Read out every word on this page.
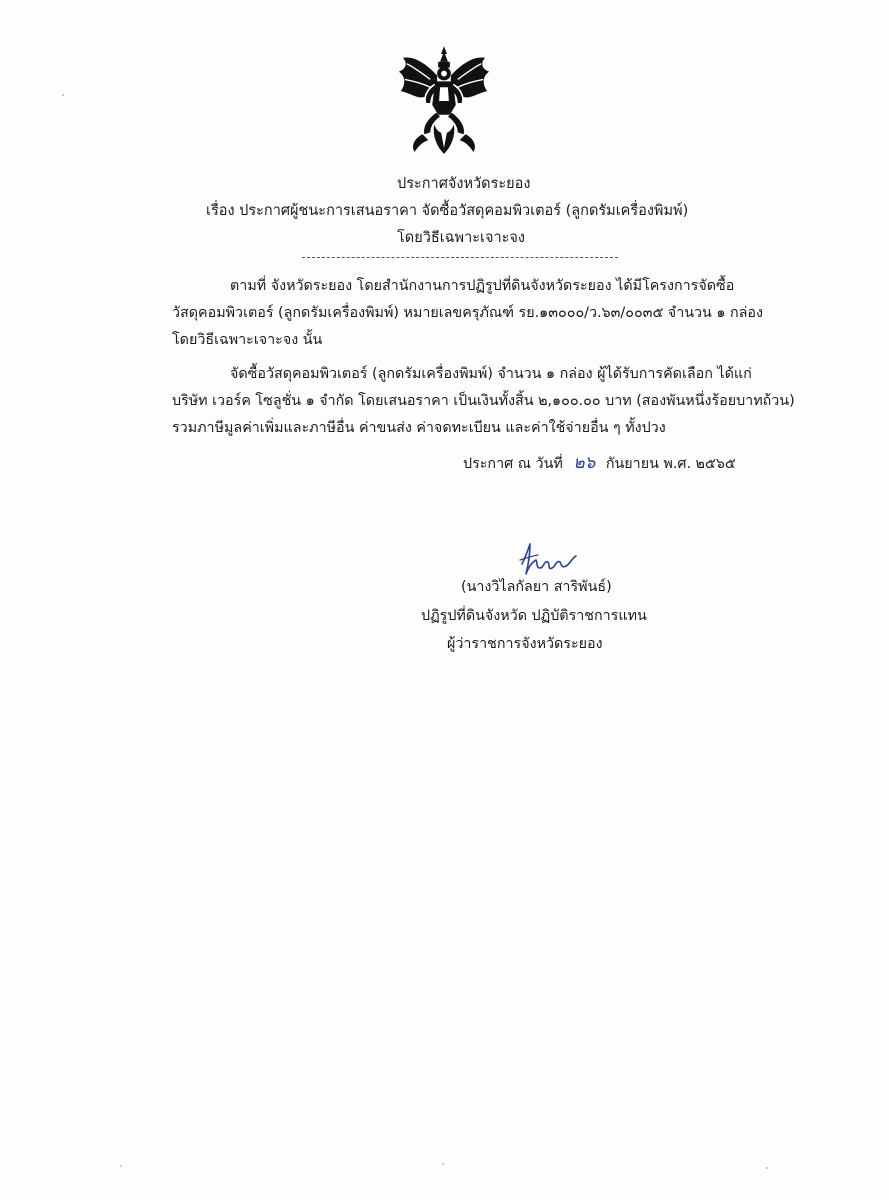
ประกาศจังหวัดระยอง
เรื่อง ประกาศผู้ชนะการเสนอราคา จัดซื้อวัสดุคอมพิวเตอร์ (ลูกดรัมเครื่องพิมพ์)
โดยวิธีเฉพาะเจาะจง
ตามที่ จังหวัดระยอง โดยสำนักงานการปฏิรูปที่ดินจังหวัดระยอง ได้มีโครงการจัดซื้อ
วัสดุคอมพิวเตอร์ (ลูกดรัมเครื่องพิมพ์) หมายเลขครุภัณฑ์ รย.๑๓๐๐๐/ว.๖๓/๐๐๓๕ จำนวน ๑ กล่อง
โดยวิธีเฉพาะเจาะจง นั้น
จัดซื้อวัสดุคอมพิวเตอร์ (ลูกดรัมเครื่องพิมพ์) จำนวน ๑ กล่อง ผู้ได้รับการคัดเลือก ได้แก่
บริษัท เวอร์ค โซลูชั่น ๑ จำกัด โดยเสนอราคา เป็นเงินทั้งสิ้น ๒,๑๐๐.๐๐ บาท (สองพันหนึ่งร้อยบาทถ้วน)
รวมภาษีมูลค่าเพิ่มและภาษีอื่น ค่าขนส่ง ค่าจดทะเบียน และค่าใช้จ่ายอื่น ๆ ทั้งปวง
ประกาศ ณ วันที่ ๒๖ กันยายน พ.ศ. ๒๕๖๕
(นางวิไลกัลยา สาริพันธ์)
ปฏิรูปที่ดินจังหวัด ปฏิบัติราชการแทน
ผู้ว่าราชการจังหวัดระยอง
